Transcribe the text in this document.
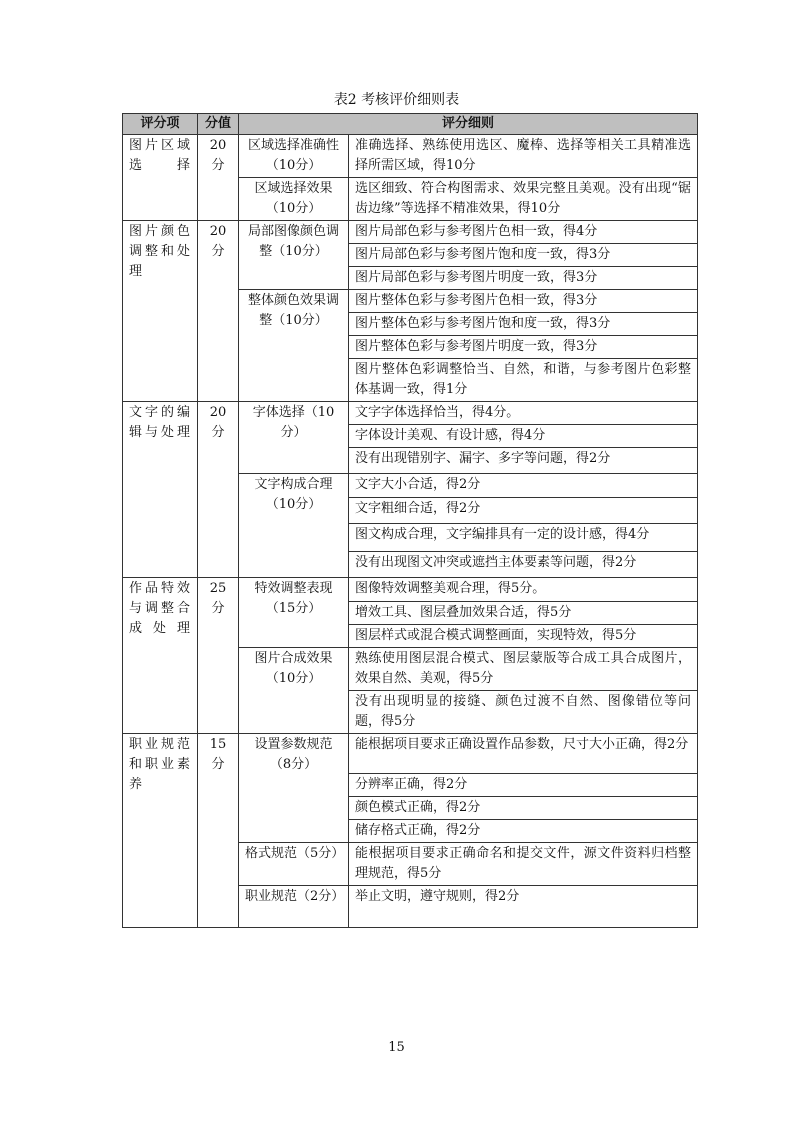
表2 考核评价细则表
评分项	分值	评分细则	
图片区域选择	20分	区域选择准确性（10分）	准确选择、熟练使用选区、魔棒、选择等相关工具精准选择所需区域，得10分
		区域选择效果（10分）	选区细致、符合构图需求、效果完整且美观。没有出现“锯齿边缘”等选择不精准效果，得10分
图片颜色调整和处理	20分	局部图像颜色调整（10分）	图片局部色彩与参考图片色相一致，得4分
			图片局部色彩与参考图片饱和度一致，得3分
			图片局部色彩与参考图片明度一致，得3分
		整体颜色效果调整（10分）	图片整体色彩与参考图片色相一致，得3分
			图片整体色彩与参考图片饱和度一致，得3分
			图片整体色彩与参考图片明度一致，得3分
			图片整体色彩调整恰当、自然，和谐，与参考图片色彩整体基调一致，得1分
文字的编辑与处理	20分	字体选择（10分）	文字字体选择恰当，得4分。
			字体设计美观、有设计感，得4分
			没有出现错别字、漏字、多字等问题，得2分
		文字构成合理（10分）	文字大小合适，得2分
			文字粗细合适，得2分
			图文构成合理，文字编排具有一定的设计感，得4分
			没有出现图文冲突或遮挡主体要素等问题，得2分
作品特效与调整合成处理	25分	特效调整表现（15分）	图像特效调整美观合理，得5分。
			增效工具、图层叠加效果合适，得5分
			图层样式或混合模式调整画面，实现特效，得5分
		图片合成效果（10分）	熟练使用图层混合模式、图层蒙版等合成工具合成图片，效果自然、美观，得5分
			没有出现明显的接缝、颜色过渡不自然、图像错位等问题，得5分
职业规范和职业素养	15分	设置参数规范（8分）	能根据项目要求正确设置作品参数，尺寸大小正确，得2分
			分辨率正确，得2分
			颜色模式正确，得2分
			储存格式正确，得2分
		格式规范（5分）	能根据项目要求正确命名和提交文件，源文件资料归档整理规范，得5分
		职业规范（2分）	举止文明，遵守规则，得2分
15
